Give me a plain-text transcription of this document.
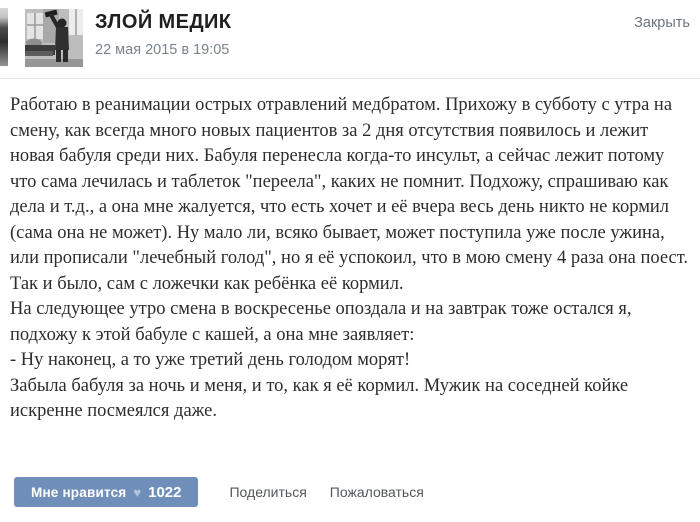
ЗЛОЙ МЕДИК
22 мая 2015 в 19:05
Закрыть

Работаю в реанимации острых отравлений медбратом. Прихожу в субботу с утра на смену, как всегда много новых пациентов за 2 дня отсутствия появилось и лежит новая бабуля среди них. Бабуля перенесла когда-то инсульт, а сейчас лежит потому что сама лечилась и таблеток "переела", каких не помнит. Подхожу, спрашиваю как дела и т.д., а она мне жалуется, что есть хочет и её вчера весь день никто не кормил (сама она не может). Ну мало ли, всяко бывает, может поступила уже после ужина, или прописали "лечебный голод", но я её успокоил, что в мою смену 4 раза она поест. Так и было, сам с ложечки как ребёнка её кормил.

На следующее утро смена в воскресенье опоздала и на завтрак тоже остался я, подхожу к этой бабуле с кашей, а она мне заявляет:

- Ну наконец, а то уже третий день голодом морят!

Забыла бабуля за ночь и меня, и то, как я её кормил. Мужик на соседней койке искренне посмеялся даже.

Мне нравится ♥ 1022	Поделиться Пожаловаться
